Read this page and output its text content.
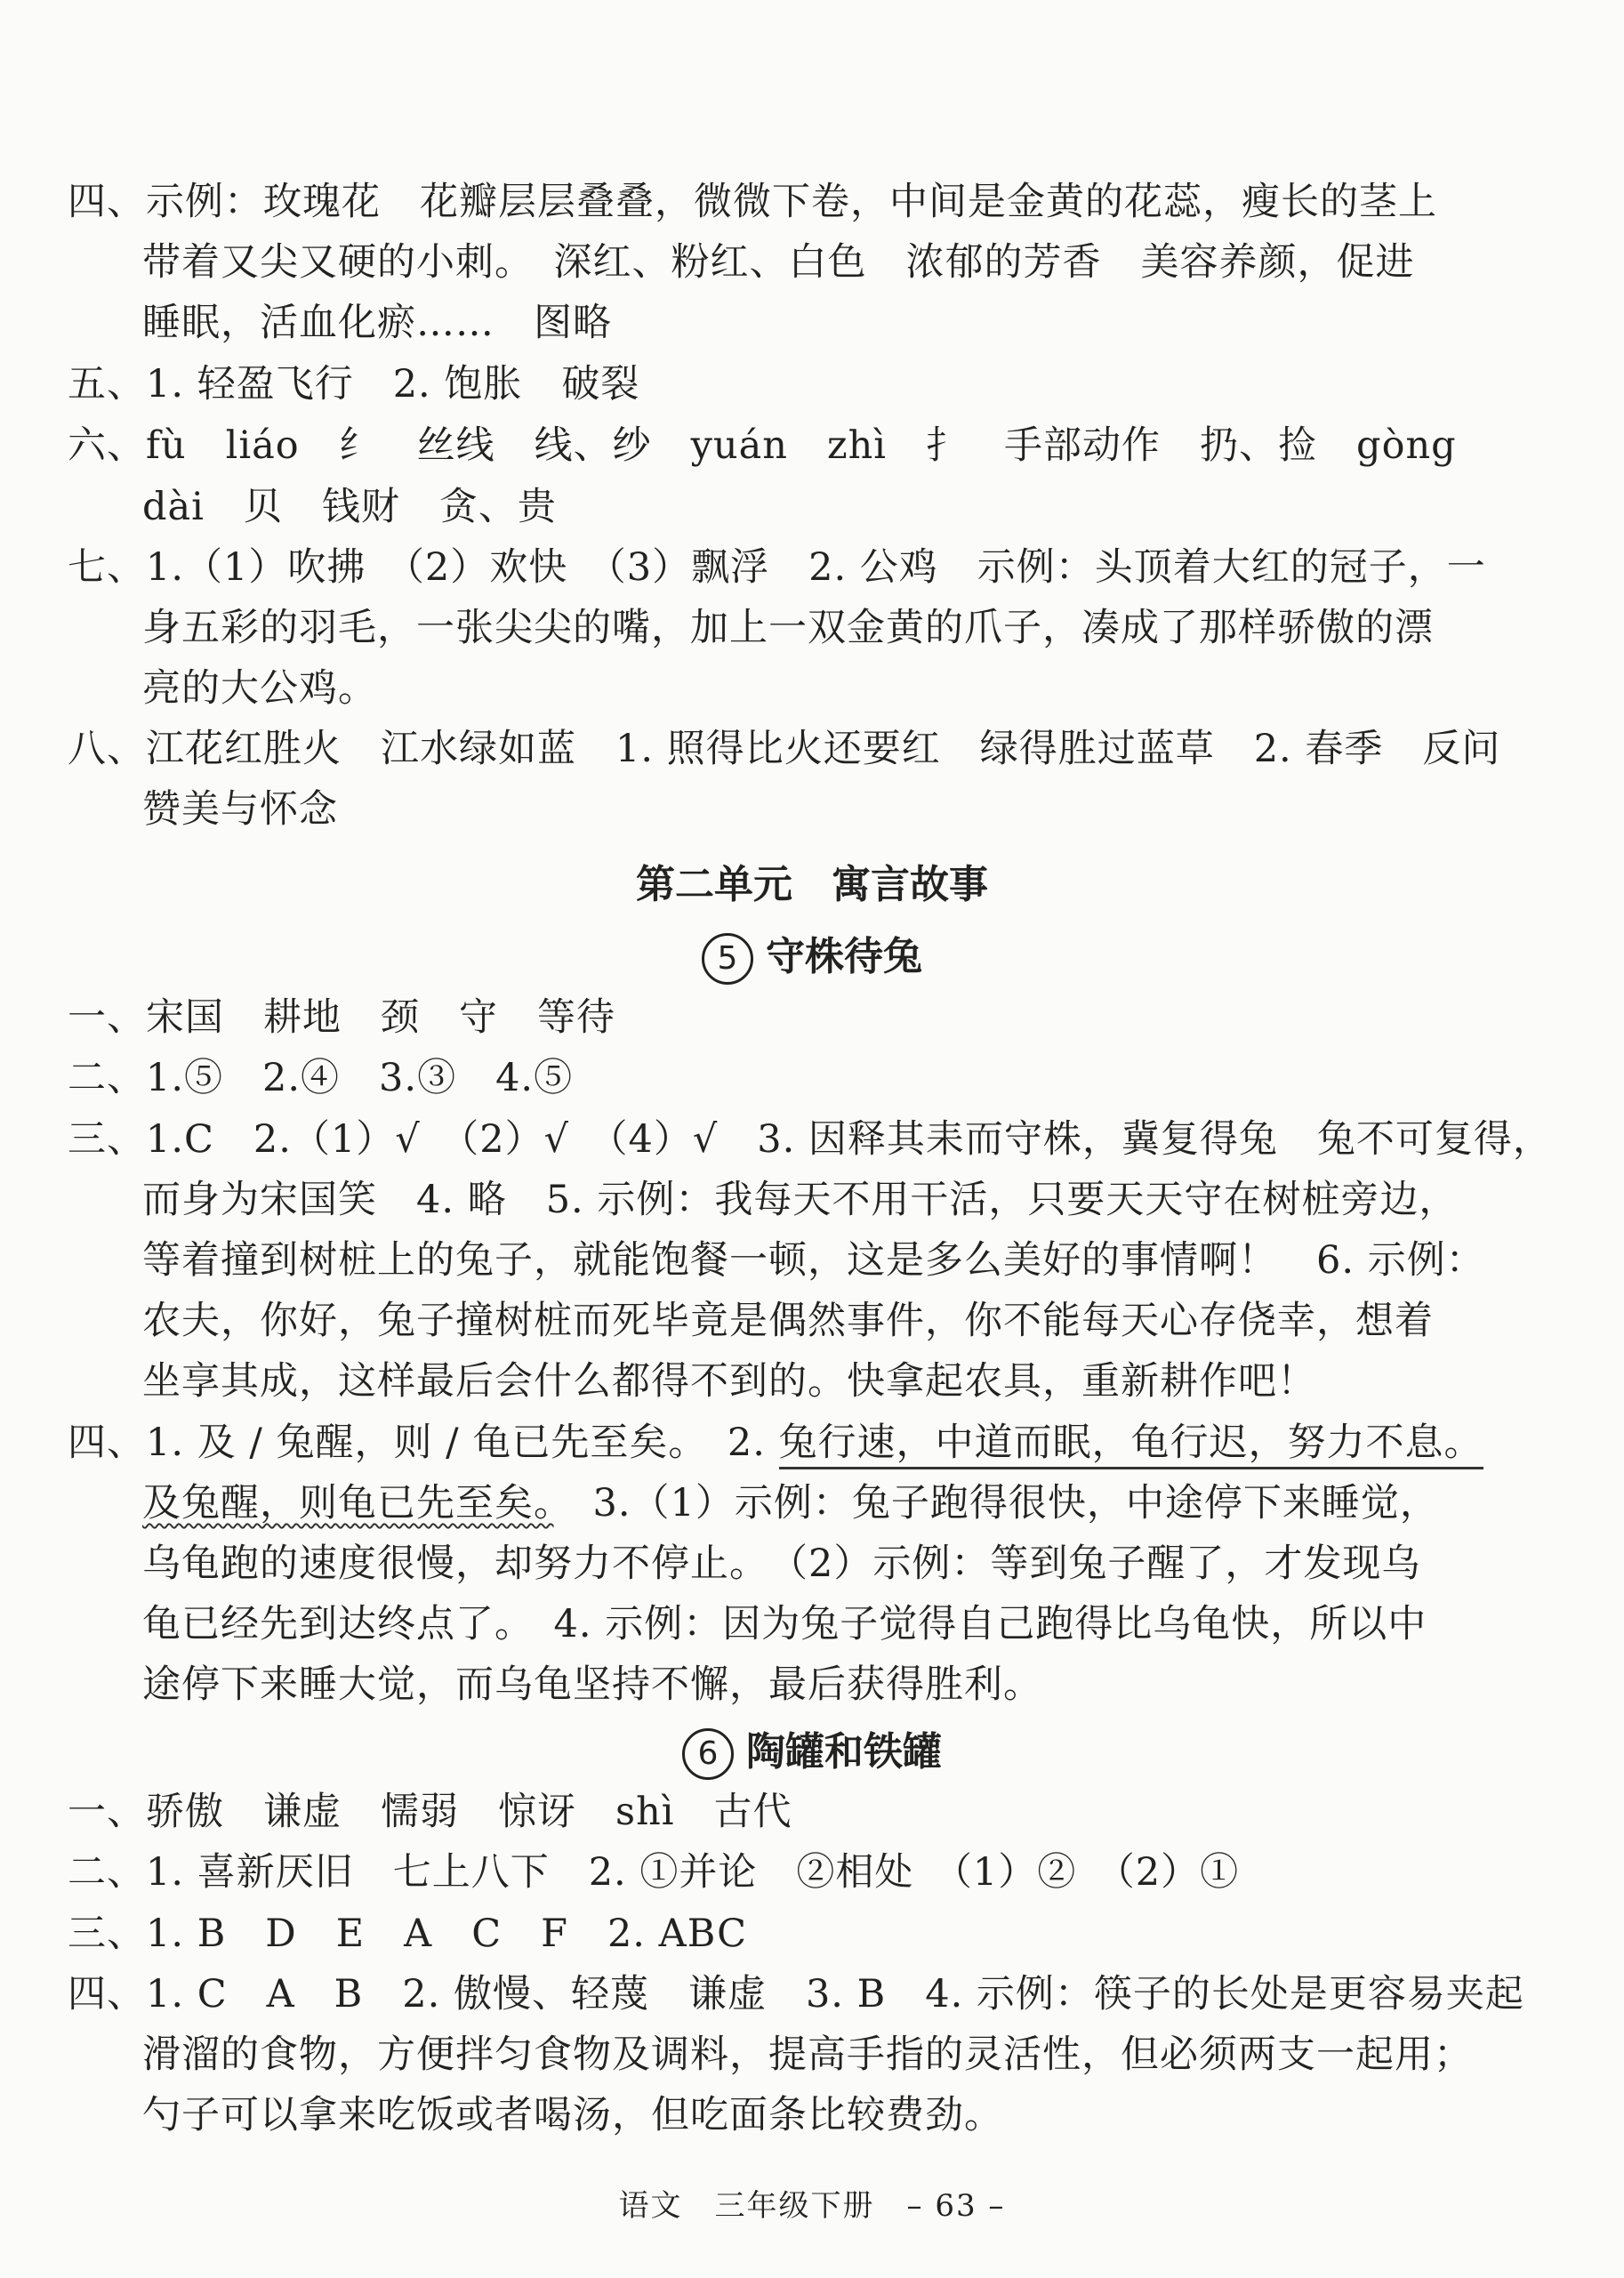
四、示例：玫瑰花　花瓣层层叠叠，微微下卷，中间是金黄的花蕊，瘦长的茎上
带着又尖又硬的小刺。　深红、粉红、白色　浓郁的芳香　美容养颜，促进
睡眠，活血化瘀……　图略
五、1. 轻盈飞行　2. 饱胀　破裂
六、fù　liáo　纟　丝线　线、纱　yuán　zhì　扌　手部动作　扔、捡　gòng
dài　贝　钱财　贪、贵
七、1.（1）吹拂　（2）欢快　（3）飘浮　2. 公鸡　示例：头顶着大红的冠子，一
身五彩的羽毛，一张尖尖的嘴，加上一双金黄的爪子，凑成了那样骄傲的漂
亮的大公鸡。
八、江花红胜火　江水绿如蓝　1. 照得比火还要红　绿得胜过蓝草　2. 春季　反问
赞美与怀念
第二单元　寓言故事
5 守株待兔
一、宋国　耕地　颈　守　等待
二、1.⑤　2.④　3.③　4.⑤
三、1.C　2.（1）√　（2）√　（4）√　3. 因释其耒而守株，冀复得兔　兔不可复得，
而身为宋国笑　4. 略　5. 示例：我每天不用干活，只要天天守在树桩旁边，
等着撞到树桩上的兔子，就能饱餐一顿，这是多么美好的事情啊！　6. 示例：
农夫，你好，兔子撞树桩而死毕竟是偶然事件，你不能每天心存侥幸，想着
坐享其成，这样最后会什么都得不到的。快拿起农具，重新耕作吧！
四、1. 及 / 兔醒，则 / 龟已先至矣。　2. 兔行速，中道而眠，龟行迟，努力不息。
及兔醒，则龟已先至矣。　3.（1）示例：兔子跑得很快，中途停下来睡觉，
乌龟跑的速度很慢，却努力不停止。　（2）示例：等到兔子醒了，才发现乌
龟已经先到达终点了。　4. 示例：因为兔子觉得自己跑得比乌龟快，所以中
途停下来睡大觉，而乌龟坚持不懈，最后获得胜利。
6 陶罐和铁罐
一、骄傲　谦虚　懦弱　惊讶　shì　古代
二、1. 喜新厌旧　七上八下　2. ①并论　②相处　（1）②　（2）①
三、1. B　D　E　A　C　F　2. ABC
四、1. C　A　B　2. 傲慢、轻蔑　谦虚　3. B　4. 示例：筷子的长处是更容易夹起
滑溜的食物，方便拌匀食物及调料，提高手指的灵活性，但必须两支一起用；
勺子可以拿来吃饭或者喝汤，但吃面条比较费劲。
语文　三年级下册　– 63 –
